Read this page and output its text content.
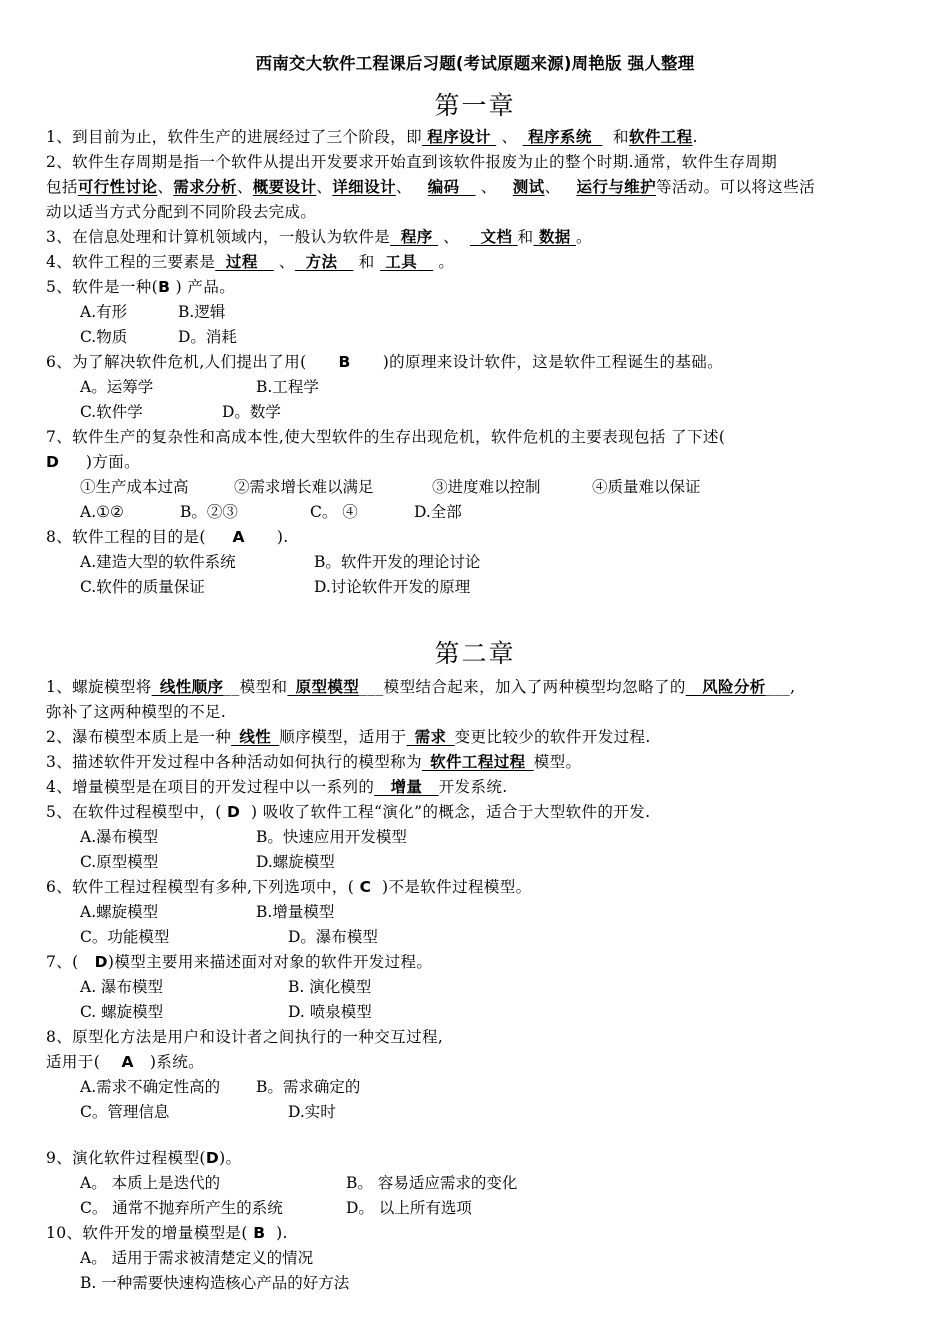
西南交大软件工程课后习题(考试原题来源)周艳版 强人整理
第一章
1、到目前为止，软件生产的进展经过了三个阶段，即 程序设计 、 程序系统 和软件工程.
2、软件生存周期是指一个软件从提出开发要求开始直到该软件报废为止的整个时期.通常，软件生存周期
包括可行性讨论、需求分析、概要设计、详细设计、 编码 、 测试、 运行与维护等活动。可以将这些活
动以适当方式分配到不同阶段去完成。
3、在信息处理和计算机领域内，一般认为软件是 程序 、 文档 和 数据 。
4、软件工程的三要素是 过程 、 方法 和 工具 。
5、软件是一种(B ) 产品。
A.有形	B.逻辑
C.物质	D。消耗
6、为了解决软件危机,人们提出了用( B )的原理来设计软件，这是软件工程诞生的基础。
A。运筹学	B.工程学
C.软件学	D。数学
7、软件生产的复杂性和高成本性,使大型软件的生存出现危机，软件危机的主要表现包括 了下述(
D )方面。
①生产成本过高	②需求增长难以满足	③进度难以控制	④质量难以保证
A.①②	B。②③	C。 ④	D.全部
8、软件工程的目的是( A ).
A.建造大型的软件系统	B。软件开发的理论讨论
C.软件的质量保证	D.讨论软件开发的原理
第二章
1、螺旋模型将_线性顺序__模型和_原型模型___模型结合起来，加入了两种模型均忽略了的__风险分析___,
弥补了这两种模型的不足.
2、瀑布模型本质上是一种_线性_顺序模型，适用于_需求_变更比较少的软件开发过程.
3、描述软件开发过程中各种活动如何执行的模型称为_软件工程过程_模型。
4、增量模型是在项目的开发过程中以一系列的__增量__开发系统.
5、在软件过程模型中，( D ) 吸收了软件工程“演化”的概念，适合于大型软件的开发.
A.瀑布模型	B。快速应用开发模型
C.原型模型	D.螺旋模型
6、软件工程过程模型有多种,下列选项中，( C )不是软件过程模型。
A.螺旋模型	B.增量模型
C。功能模型	D。瀑布模型
7、( D)模型主要用来描述面对对象的软件开发过程。
A. 瀑布模型	B. 演化模型
C. 螺旋模型	D. 喷泉模型
8、原型化方法是用户和设计者之间执行的一种交互过程,
适用于( A )系统。
A.需求不确定性高的 B。需求确定的
C。管理信息	D.实时
9、演化软件过程模型(D)。
A。 本质上是迭代的	B。 容易适应需求的变化
C。 通常不抛弃所产生的系统	D。 以上所有选项
10、软件开发的增量模型是( B ).
A。 适用于需求被清楚定义的情况
B. 一种需要快速构造核心产品的好方法
